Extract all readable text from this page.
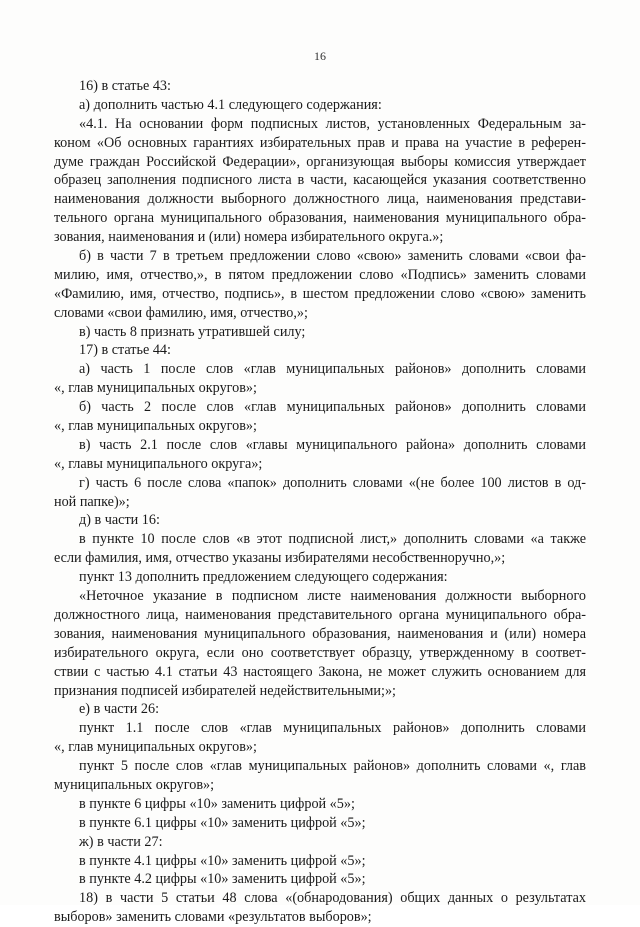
16
16) в статье 43:
а) дополнить частью 4.1 следующего содержания:
«4.1. На основании форм подписных листов, установленных Федеральным за-
коном «Об основных гарантиях избирательных прав и права на участие в референ-
думе граждан Российской Федерации», организующая выборы комиссия утверждает
образец заполнения подписного листа в части, касающейся указания соответственно
наименования должности выборного должностного лица, наименования представи-
тельного органа муниципального образования, наименования муниципального обра-
зования, наименования и (или) номера избирательного округа.»;
б) в части 7 в третьем предложении слово «свою» заменить словами «свои фа-
милию, имя, отчество,», в пятом предложении слово «Подпись» заменить словами
«Фамилию, имя, отчество, подпись», в шестом предложении слово «свою» заменить
словами «свои фамилию, имя, отчество,»;
в) часть 8 признать утратившей силу;
17) в статье 44:
а) часть 1 после слов «глав муниципальных районов» дополнить словами
«, глав муниципальных округов»;
б) часть 2 после слов «глав муниципальных районов» дополнить словами
«, глав муниципальных округов»;
в) часть 2.1 после слов «главы муниципального района» дополнить словами
«, главы муниципального округа»;
г) часть 6 после слова «папок» дополнить словами «(не более 100 листов в од-
ной папке)»;
д) в части 16:
в пункте 10 после слов «в этот подписной лист,» дополнить словами «а также
если фамилия, имя, отчество указаны избирателями несобственноручно,»;
пункт 13 дополнить предложением следующего содержания:
«Неточное указание в подписном листе наименования должности выборного
должностного лица, наименования представительного органа муниципального обра-
зования, наименования муниципального образования, наименования и (или) номера
избирательного округа, если оно соответствует образцу, утвержденному в соответ-
ствии с частью 4.1 статьи 43 настоящего Закона, не может служить основанием для
признания подписей избирателей недействительными;»;
е) в части 26:
пункт 1.1 после слов «глав муниципальных районов» дополнить словами
«, глав муниципальных округов»;
пункт 5 после слов «глав муниципальных районов» дополнить словами «, глав
муниципальных округов»;
в пункте 6 цифры «10» заменить цифрой «5»;
в пункте 6.1 цифры «10» заменить цифрой «5»;
ж) в части 27:
в пункте 4.1 цифры «10» заменить цифрой «5»;
в пункте 4.2 цифры «10» заменить цифрой «5»;
18) в части 5 статьи 48 слова «(обнародования) общих данных о результатах
выборов» заменить словами «результатов выборов»;
